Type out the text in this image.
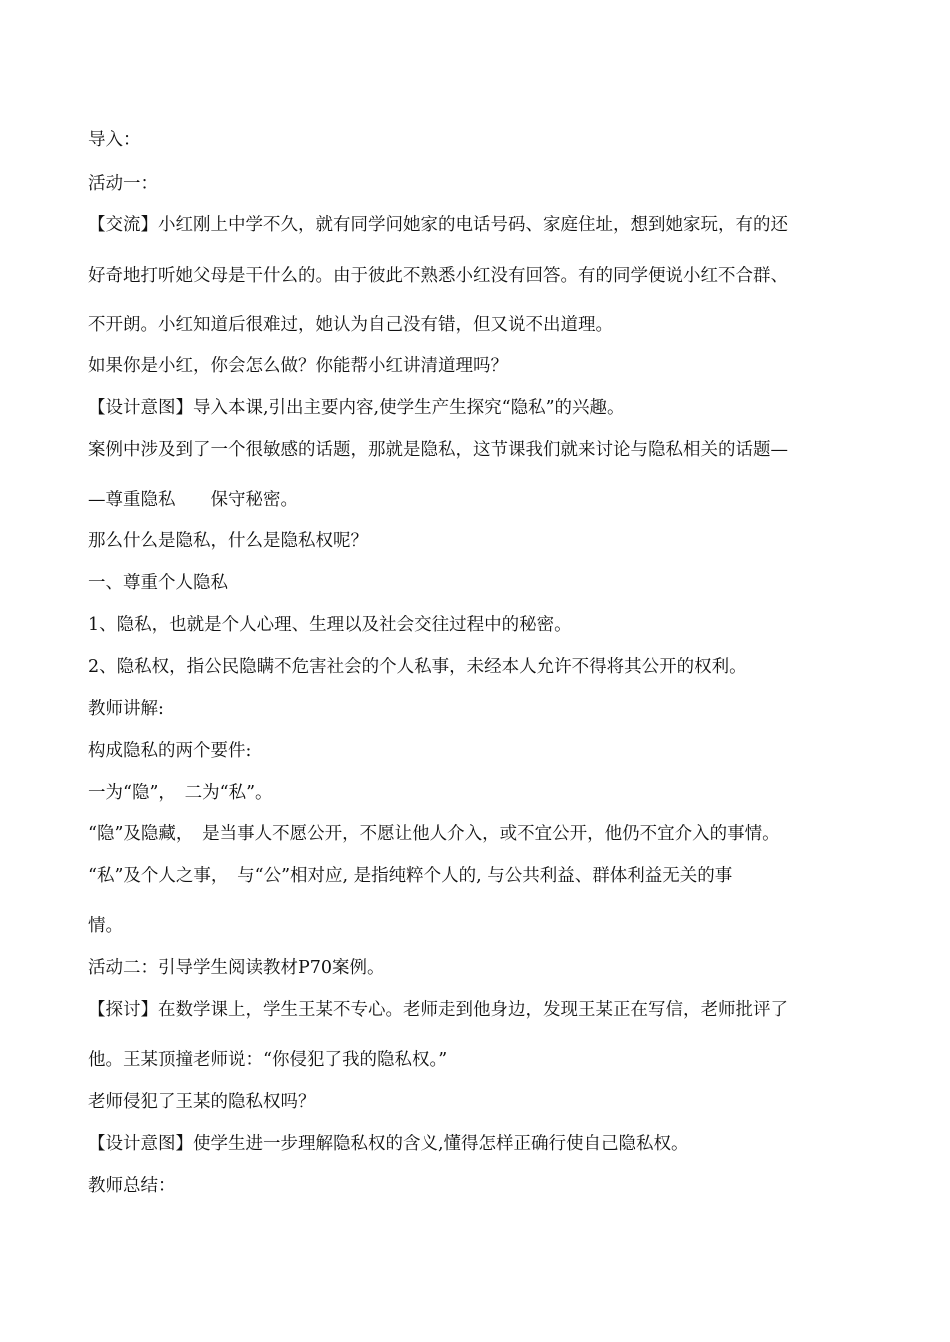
导入：
活动一：
【交流】小红刚上中学不久，就有同学问她家的电话号码、家庭住址，想到她家玩，有的还
好奇地打听她父母是干什么的。由于彼此不熟悉小红没有回答。有的同学便说小红不合群、
不开朗。小红知道后很难过，她认为自己没有错，但又说不出道理。
如果你是小红，你会怎么做？你能帮小红讲清道理吗？
【设计意图】导入本课,引出主要内容,使学生产生探究“隐私”的兴趣。
案例中涉及到了一个很敏感的话题，那就是隐私，这节课我们就来讨论与隐私相关的话题—
—尊重隐私　　保守秘密。
那么什么是隐私，什么是隐私权呢？
一、尊重个人隐私
1、隐私，也就是个人心理、生理以及社会交往过程中的秘密。
2、隐私权，指公民隐瞒不危害社会的个人私事，未经本人允许不得将其公开的权利。
教师讲解:
构成隐私的两个要件:
一为“隐”，　二为“私”。
“隐”及隐藏，　是当事人不愿公开，不愿让他人介入，或不宜公开，他仍不宜介入的事情。
“私”及个人之事，　与“公”相对应, 是指纯粹个人的, 与公共利益、群体利益无关的事
情。
活动二：引导学生阅读教材P70案例。
【探讨】在数学课上，学生王某不专心。老师走到他身边，发现王某正在写信，老师批评了
他。王某顶撞老师说：“你侵犯了我的隐私权。”
老师侵犯了王某的隐私权吗？
【设计意图】使学生进一步理解隐私权的含义,懂得怎样正确行使自己隐私权。
教师总结：
